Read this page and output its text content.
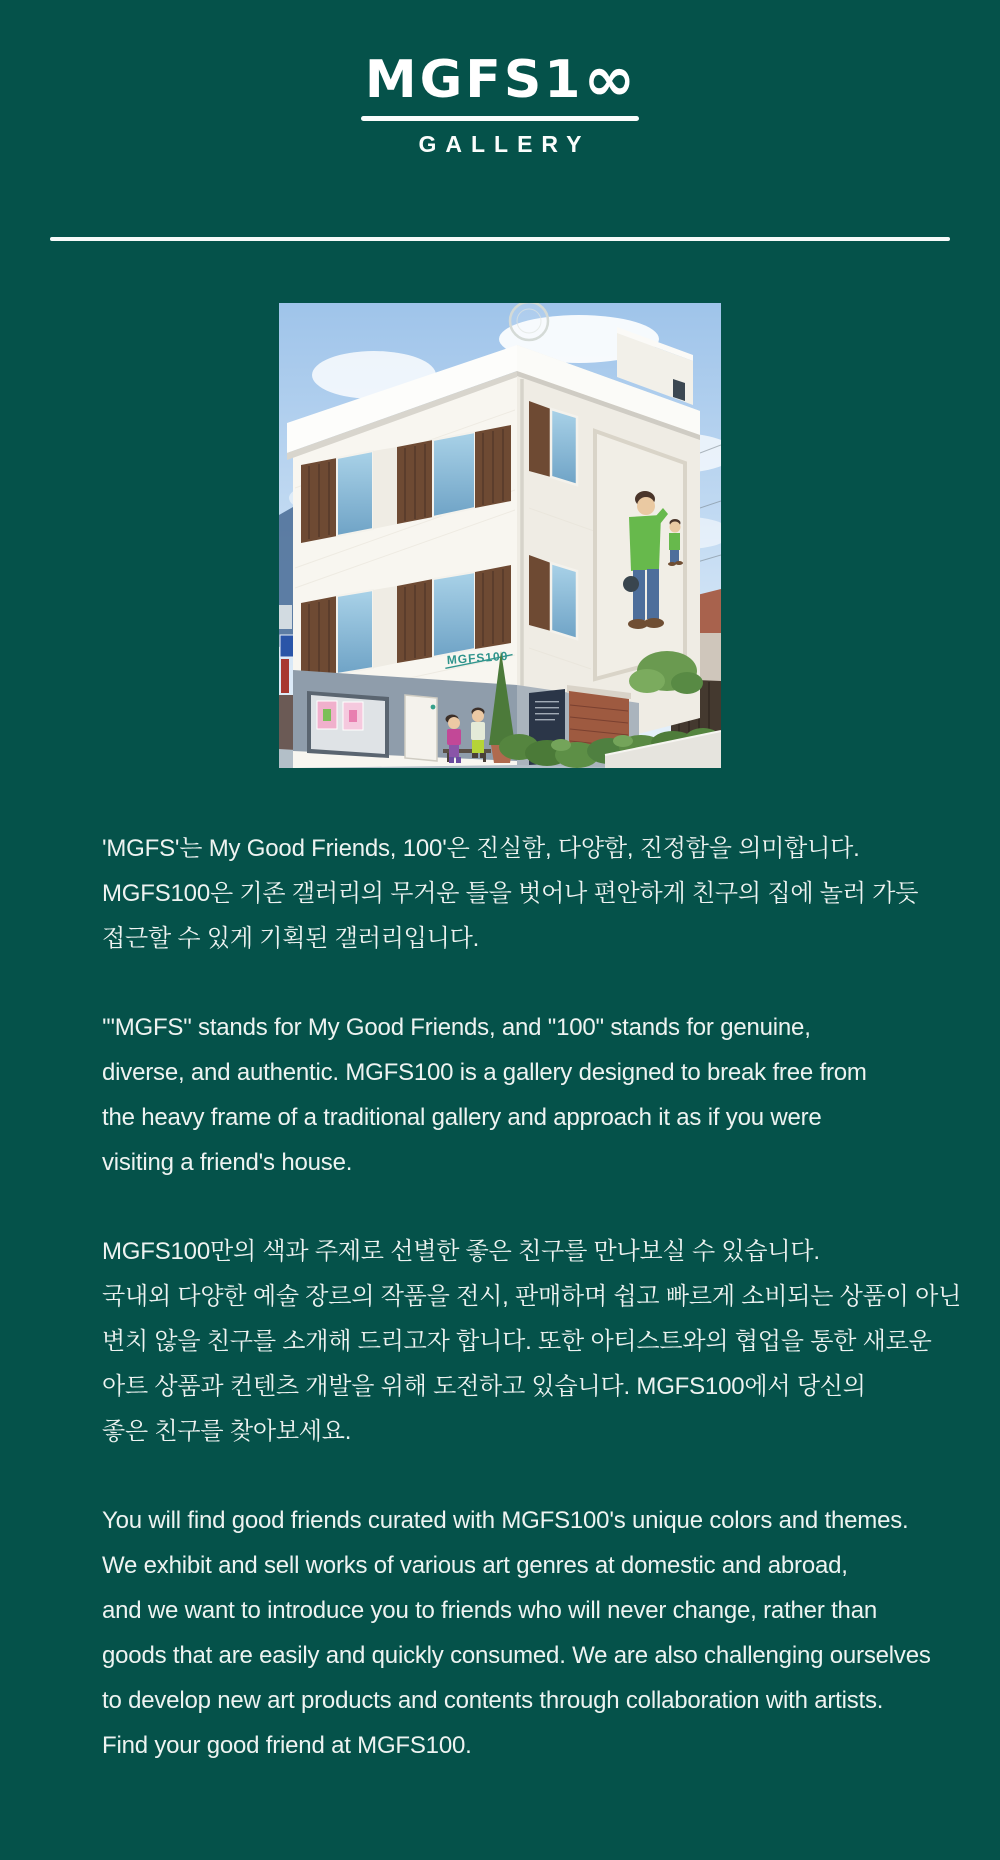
MGFS1∞
GALLERY
MGFS100
'MGFS'는 My Good Friends, 100'은 진실함, 다양함, 진정함을 의미합니다.
MGFS100은 기존 갤러리의 무거운 틀을 벗어나 편안하게 친구의 집에 놀러 가듯
접근할 수 있게 기획된 갤러리입니다.
'"MGFS" stands for My Good Friends, and "100" stands for genuine,
diverse, and authentic. MGFS100 is a gallery designed to break free from
the heavy frame of a traditional gallery and approach it as if you were
visiting a friend's house.
MGFS100만의 색과 주제로 선별한 좋은 친구를 만나보실 수 있습니다.
국내외 다양한 예술 장르의 작품을 전시, 판매하며 쉽고 빠르게 소비되는 상품이 아닌
변치 않을 친구를 소개해 드리고자 합니다. 또한 아티스트와의 협업을 통한 새로운
아트 상품과 컨텐츠 개발을 위해 도전하고 있습니다. MGFS100에서 당신의
좋은 친구를 찾아보세요.
You will find good friends curated with MGFS100's unique colors and themes.
We exhibit and sell works of various art genres at domestic and abroad,
and we want to introduce you to friends who will never change, rather than
goods that are easily and quickly consumed. We are also challenging ourselves
to develop new art products and contents through collaboration with artists.
Find your good friend at MGFS100.
